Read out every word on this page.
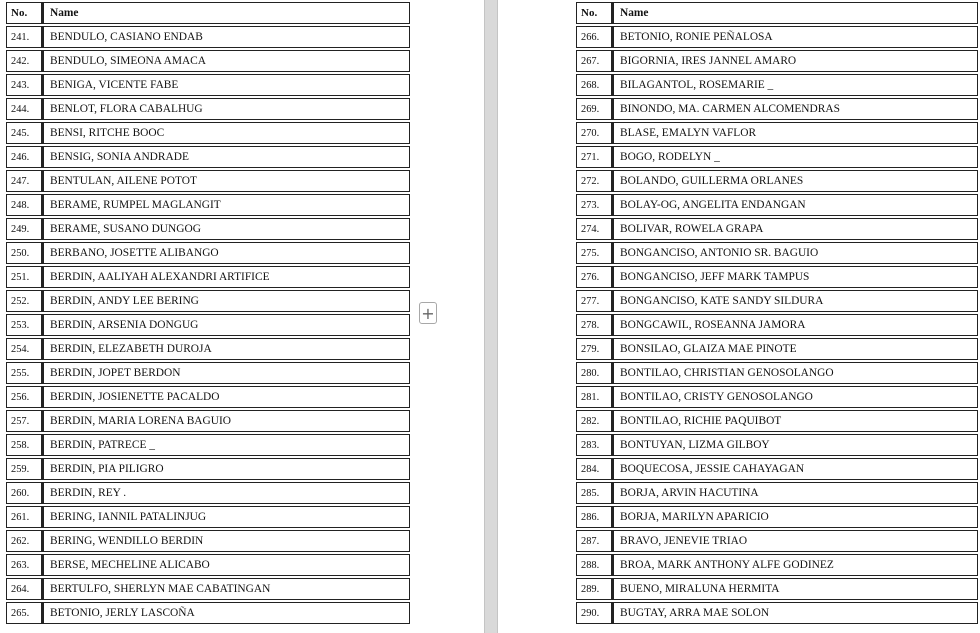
No.	Name
241.	BENDULO, CASIANO ENDAB
242.	BENDULO, SIMEONA AMACA
243.	BENIGA, VICENTE FABE
244.	BENLOT, FLORA CABALHUG
245.	BENSI, RITCHE BOOC
246.	BENSIG, SONIA ANDRADE
247.	BENTULAN, AILENE POTOT
248.	BERAME, RUMPEL MAGLANGIT
249.	BERAME, SUSANO DUNGOG
250.	BERBANO, JOSETTE ALIBANGO
251.	BERDIN, AALIYAH ALEXANDRI ARTIFICE
252.	BERDIN, ANDY LEE BERING
253.	BERDIN, ARSENIA DONGUG
254.	BERDIN, ELEZABETH DUROJA
255.	BERDIN, JOPET BERDON
256.	BERDIN, JOSIENETTE PACALDO
257.	BERDIN, MARIA LORENA BAGUIO
258.	BERDIN, PATRECE _
259.	BERDIN, PIA PILIGRO
260.	BERDIN, REY .
261.	BERING, IANNIL PATALINJUG
262.	BERING, WENDILLO BERDIN
263.	BERSE, MECHELINE ALICABO
264.	BERTULFO, SHERLYN MAE CABATINGAN
265.	BETONIO, JERLY LASCOÑA
+
No.	Name
266.	BETONIO, RONIE PEÑALOSA
267.	BIGORNIA, IRES JANNEL AMARO
268.	BILAGANTOL, ROSEMARIE _
269.	BINONDO, MA. CARMEN ALCOMENDRAS
270.	BLASE, EMALYN VAFLOR
271.	BOGO, RODELYN _
272.	BOLANDO, GUILLERMA ORLANES
273.	BOLAY-OG, ANGELITA ENDANGAN
274.	BOLIVAR, ROWELA GRAPA
275.	BONGANCISO, ANTONIO SR. BAGUIO
276.	BONGANCISO, JEFF MARK TAMPUS
277.	BONGANCISO, KATE SANDY SILDURA
278.	BONGCAWIL, ROSEANNA JAMORA
279.	BONSILAO, GLAIZA MAE PINOTE
280.	BONTILAO, CHRISTIAN GENOSOLANGO
281.	BONTILAO, CRISTY GENOSOLANGO
282.	BONTILAO, RICHIE PAQUIBOT
283.	BONTUYAN, LIZMA GILBOY
284.	BOQUECOSA, JESSIE CAHAYAGAN
285.	BORJA, ARVIN HACUTINA
286.	BORJA, MARILYN APARICIO
287.	BRAVO, JENEVIE TRIAO
288.	BROA, MARK ANTHONY ALFE GODINEZ
289.	BUENO, MIRALUNA HERMITA
290.	BUGTAY, ARRA MAE SOLON
